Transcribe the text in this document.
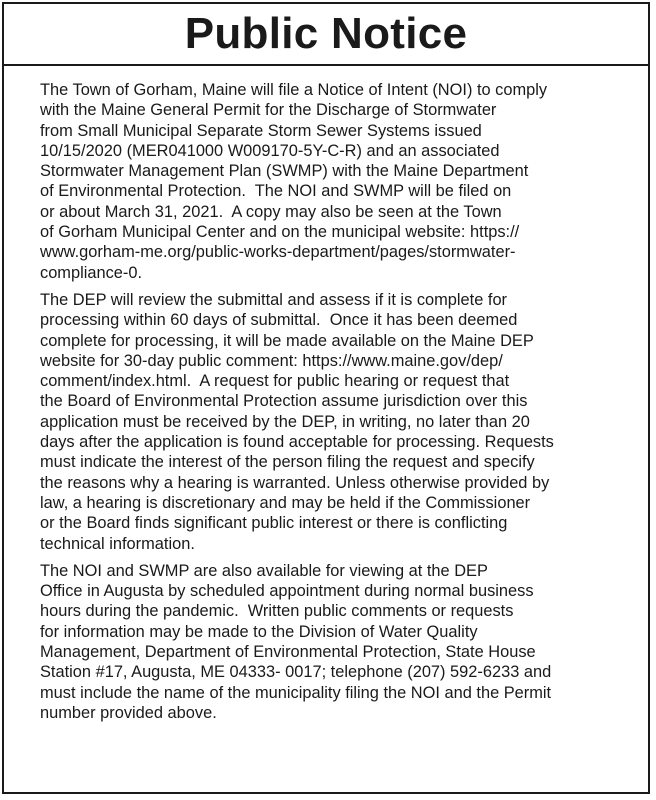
Public Notice
The Town of Gorham, Maine will file a Notice of Intent (NOI) to comply
with the Maine General Permit for the Discharge of Stormwater
from Small Municipal Separate Storm Sewer Systems issued
10/15/2020 (MER041000 W009170-5Y-C-R) and an associated
Stormwater Management Plan (SWMP) with the Maine Department
of Environmental Protection.  The NOI and SWMP will be filed on
or about March 31, 2021.  A copy may also be seen at the Town
of Gorham Municipal Center and on the municipal website: https://
www.gorham-me.org/public-works-department/pages/stormwater-
compliance-0.
The DEP will review the submittal and assess if it is complete for
processing within 60 days of submittal.  Once it has been deemed
complete for processing, it will be made available on the Maine DEP
website for 30-day public comment: https://www.maine.gov/dep/
comment/index.html.  A request for public hearing or request that
the Board of Environmental Protection assume jurisdiction over this
application must be received by the DEP, in writing, no later than 20
days after the application is found acceptable for processing. Requests
must indicate the interest of the person filing the request and specify
the reasons why a hearing is warranted. Unless otherwise provided by
law, a hearing is discretionary and may be held if the Commissioner
or the Board finds significant public interest or there is conflicting
technical information.
The NOI and SWMP are also available for viewing at the DEP
Office in Augusta by scheduled appointment during normal business
hours during the pandemic.  Written public comments or requests
for information may be made to the Division of Water Quality
Management, Department of Environmental Protection, State House
Station #17, Augusta, ME 04333- 0017; telephone (207) 592-6233 and
must include the name of the municipality filing the NOI and the Permit
number provided above.
